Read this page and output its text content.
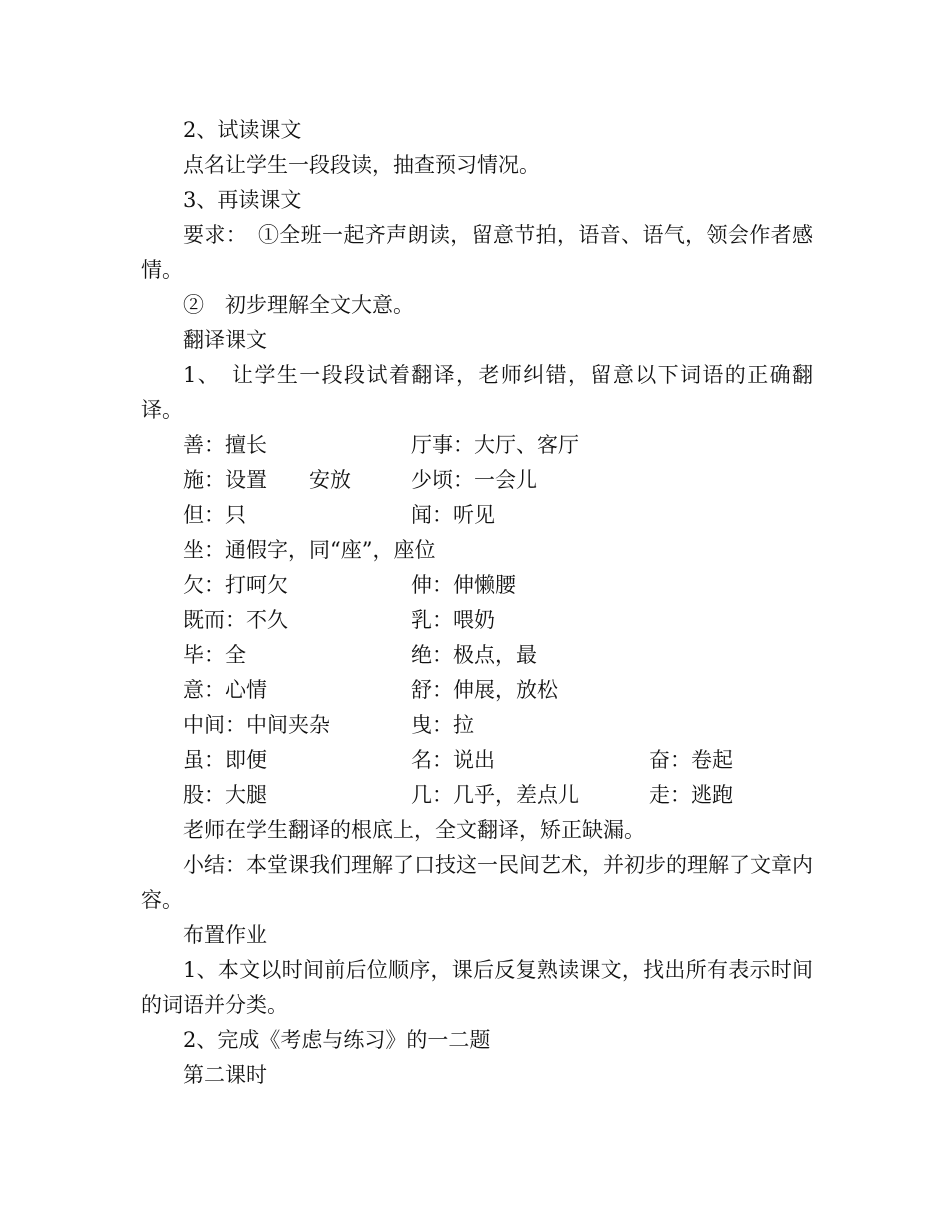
2、试读课文

点名让学生一段段读，抽查预习情况。

3、再读课文

要求：　①全班一起齐声朗读，留意节拍，语音、语气，领会作者感情。

②　初步理解全文大意。

翻译课文

1、　让学生一段段试着翻译，老师纠错，留意以下词语的正确翻译。

善：擅长	厅事：大厅、客厅
施：设置　　安放	少顷：一会儿
但：只	闻：听见
坐：通假字，同“座”，座位
欠：打呵欠	伸：伸懒腰
既而：不久	乳：喂奶
毕：全	绝：极点，最
意：心情	舒：伸展，放松
中间：中间夹杂	曳：拉
虽：即便	名：说出	奋：卷起
股：大腿	几：几乎，差点儿	走：逃跑

老师在学生翻译的根底上，全文翻译，矫正缺漏。

小结：本堂课我们理解了口技这一民间艺术，并初步的理解了文章内容。

布置作业

1、本文以时间前后位顺序，课后反复熟读课文，找出所有表示时间的词语并分类。

2、完成《考虑与练习》的一二题

第二课时
